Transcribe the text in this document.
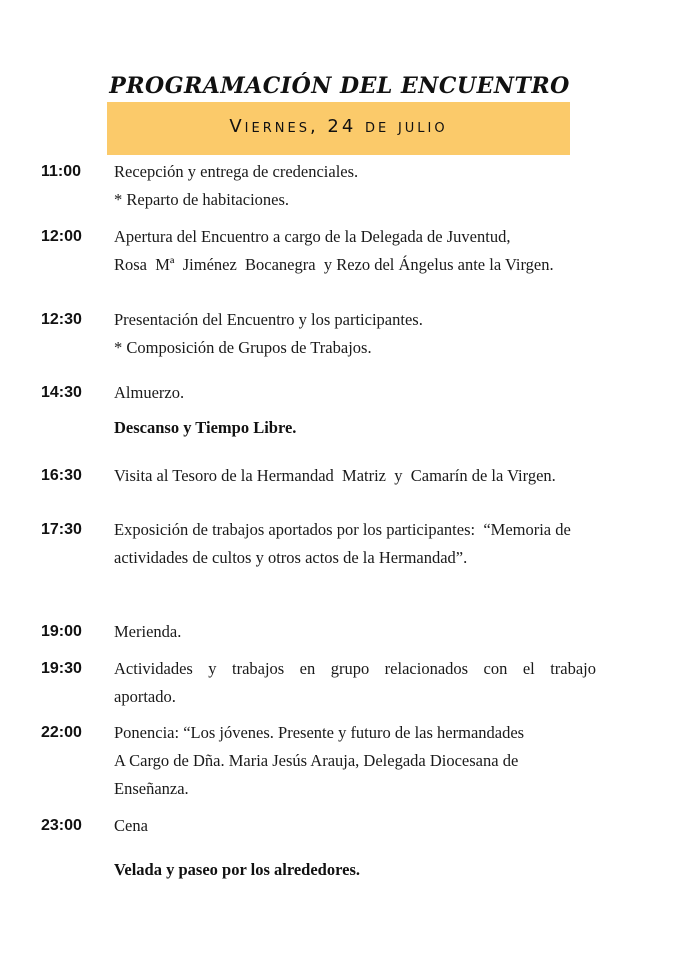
PROGRAMACIÓN DEL ENCUENTRO
Viernes, 24 de julio
11:00	Recepción y entrega de credenciales.
* Reparto de habitaciones.
12:00	Apertura del Encuentro a cargo de la Delegada de Juventud,
Rosa  Mª  Jiménez  Bocanegra  y Rezo del Ángelus ante la Virgen.
12:30	Presentación del Encuentro y los participantes.
* Composición de Grupos de Trabajos.
14:30	Almuerzo.
Descanso y Tiempo Libre.
16:30	Visita al Tesoro de la Hermandad  Matriz  y  Camarín de la Virgen.
17:30	Exposición de trabajos aportados por los participantes:  “Memoria de
actividades de cultos y otros actos de la Hermandad”.
19:00	Merienda.
19:30	Actividades y trabajos en grupo relacionados con el trabajo
aportado.
22:00	Ponencia: “Los jóvenes. Presente y futuro de las hermandades
A Cargo de Dña. Maria Jesús Arauja, Delegada Diocesana de
Enseñanza.
23:00	Cena
Velada y paseo por los alrededores.
